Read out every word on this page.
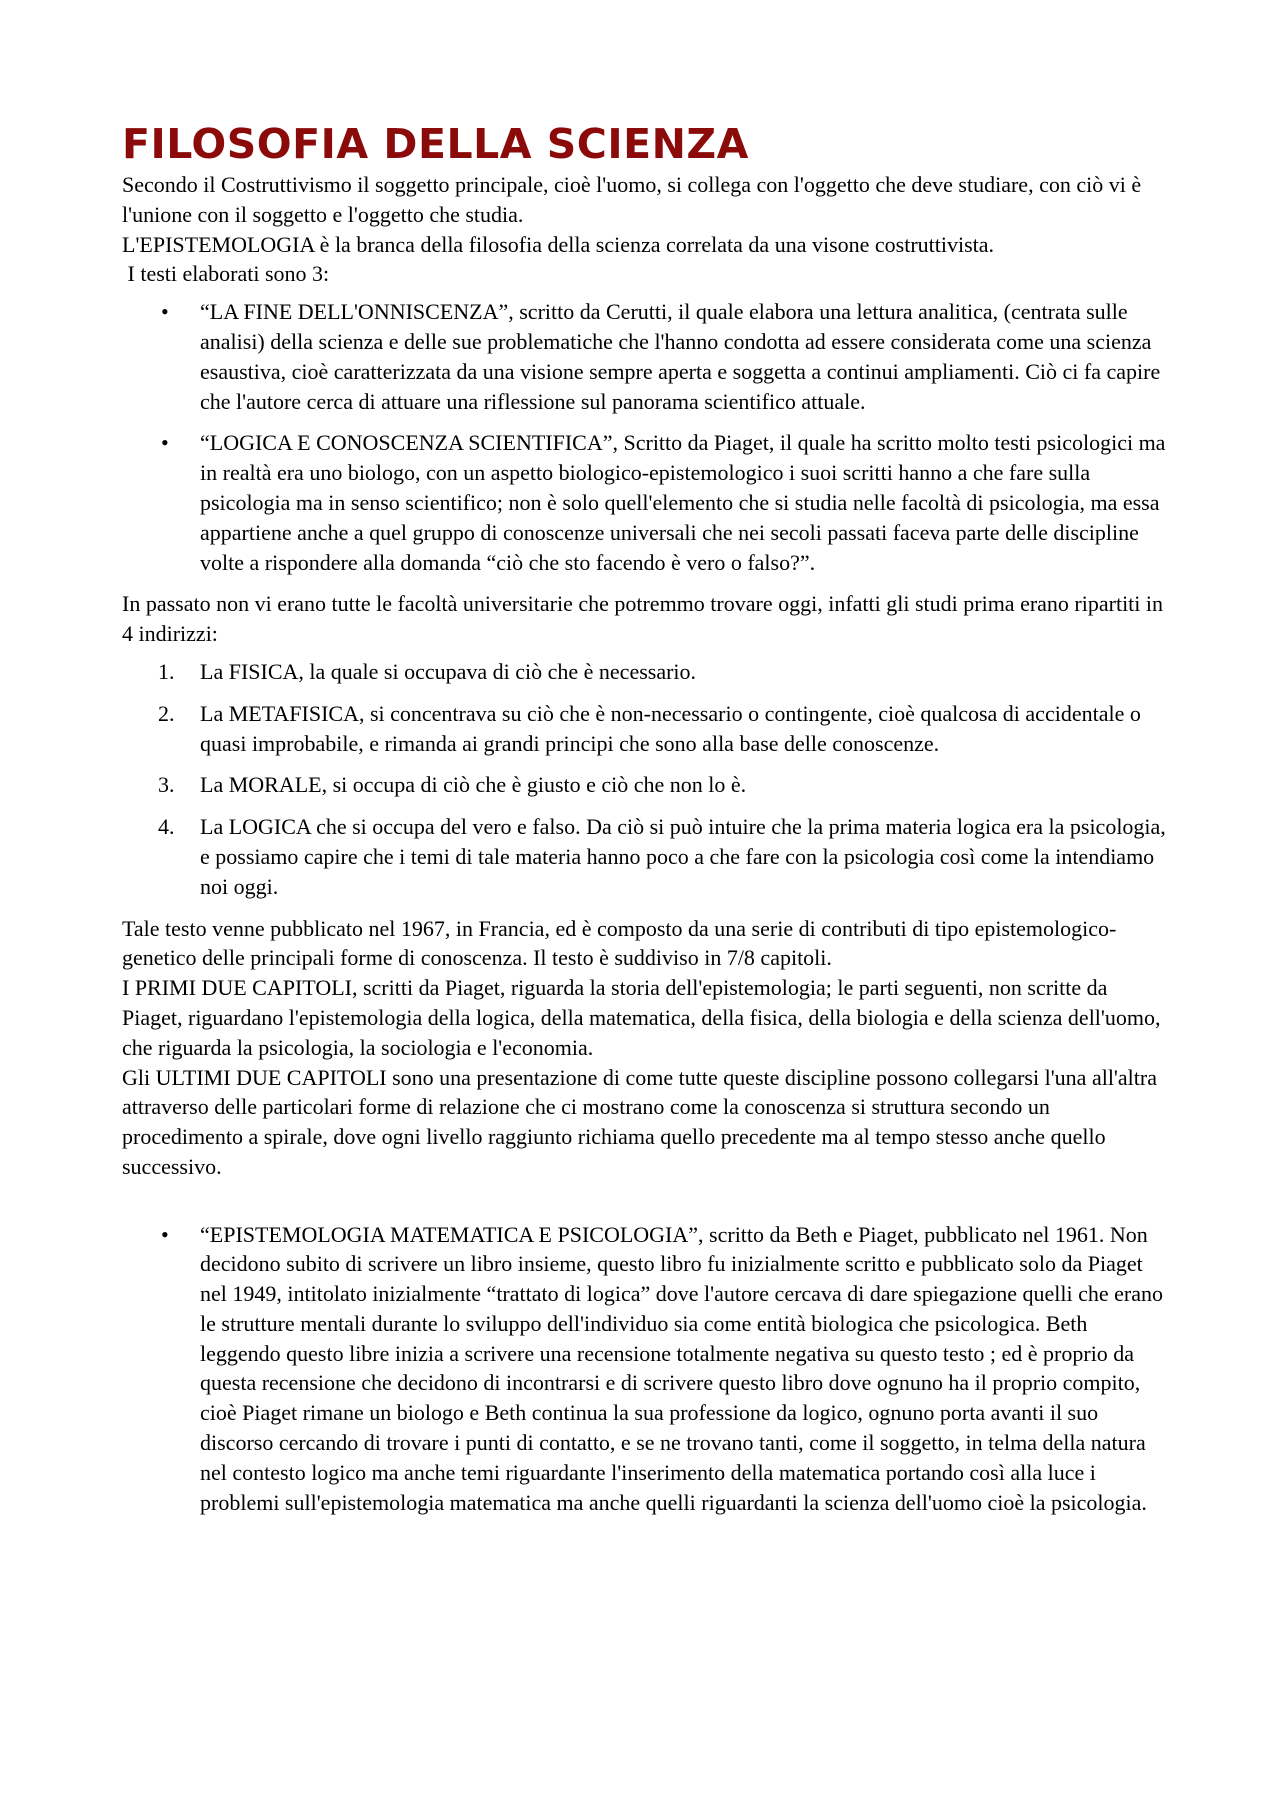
FILOSOFIA DELLA SCIENZA

Secondo il Costruttivismo il soggetto principale, cioè l'uomo, si collega con l'oggetto che deve studiare, con ciò vi è l'unione con il soggetto e l'oggetto che studia.

L'EPISTEMOLOGIA è la branca della filosofia della scienza correlata da una visone costruttivista.

I testi elaborati sono 3:

• “LA FINE DELL'ONNISCENZA”, scritto da Cerutti, il quale elabora una lettura analitica, (centrata sulle analisi) della scienza e delle sue problematiche che l'hanno condotta ad essere considerata come una scienza esaustiva, cioè caratterizzata da una visione sempre aperta e soggetta a continui ampliamenti. Ciò ci fa capire che l'autore cerca di attuare una riflessione sul panorama scientifico attuale.
• “LOGICA E CONOSCENZA SCIENTIFICA”, Scritto da Piaget, il quale ha scritto molto testi psicologici ma in realtà era uno biologo, con un aspetto biologico-epistemologico i suoi scritti hanno a che fare sulla psicologia ma in senso scientifico; non è solo quell'elemento che si studia nelle facoltà di psicologia, ma essa appartiene anche a quel gruppo di conoscenze universali che nei secoli passati faceva parte delle discipline volte a rispondere alla domanda “ciò che sto facendo è vero o falso?”.

In passato non vi erano tutte le facoltà universitarie che potremmo trovare oggi, infatti gli studi prima erano ripartiti in 4 indirizzi:

1. La FISICA, la quale si occupava di ciò che è necessario.
2. La METAFISICA, si concentrava su ciò che è non-necessario o contingente, cioè qualcosa di accidentale o quasi improbabile, e rimanda ai grandi principi che sono alla base delle conoscenze.
3. La MORALE, si occupa di ciò che è giusto e ciò che non lo è.
4. La LOGICA che si occupa del vero e falso. Da ciò si può intuire che la prima materia logica era la psicologia, e possiamo capire che i temi di tale materia hanno poco a che fare con la psicologia così come la intendiamo noi oggi.

Tale testo venne pubblicato nel 1967, in Francia, ed è composto da una serie di contributi di tipo epistemologico-genetico delle principali forme di conoscenza. Il testo è suddiviso in 7/8 capitoli.

I PRIMI DUE CAPITOLI, scritti da Piaget, riguarda la storia dell'epistemologia; le parti seguenti, non scritte da Piaget, riguardano l'epistemologia della logica, della matematica, della fisica, della biologia e della scienza dell'uomo, che riguarda la psicologia, la sociologia e l'economia.

Gli ULTIMI DUE CAPITOLI sono una presentazione di come tutte queste discipline possono collegarsi l'una all'altra attraverso delle particolari forme di relazione che ci mostrano come la conoscenza si struttura secondo un procedimento a spirale, dove ogni livello raggiunto richiama quello precedente ma al tempo stesso anche quello successivo.

• “EPISTEMOLOGIA MATEMATICA E PSICOLOGIA”, scritto da Beth e Piaget, pubblicato nel 1961. Non decidono subito di scrivere un libro insieme, questo libro fu inizialmente scritto e pubblicato solo da Piaget nel 1949, intitolato inizialmente “trattato di logica” dove l'autore cercava di dare spiegazione quelli che erano le strutture mentali durante lo sviluppo dell'individuo sia come entità biologica che psicologica. Beth leggendo questo libre inizia a scrivere una recensione totalmente negativa su questo testo ; ed è proprio da questa recensione che decidono di incontrarsi e di scrivere questo libro dove ognuno ha il proprio compito, cioè Piaget rimane un biologo e Beth continua la sua professione da logico, ognuno porta avanti il suo discorso cercando di trovare i punti di contatto, e se ne trovano tanti, come il soggetto, in telma della natura nel contesto logico ma anche temi riguardante l'inserimento della matematica portando così alla luce i problemi sull'epistemologia matematica ma anche quelli riguardanti la scienza dell'uomo cioè la psicologia.
